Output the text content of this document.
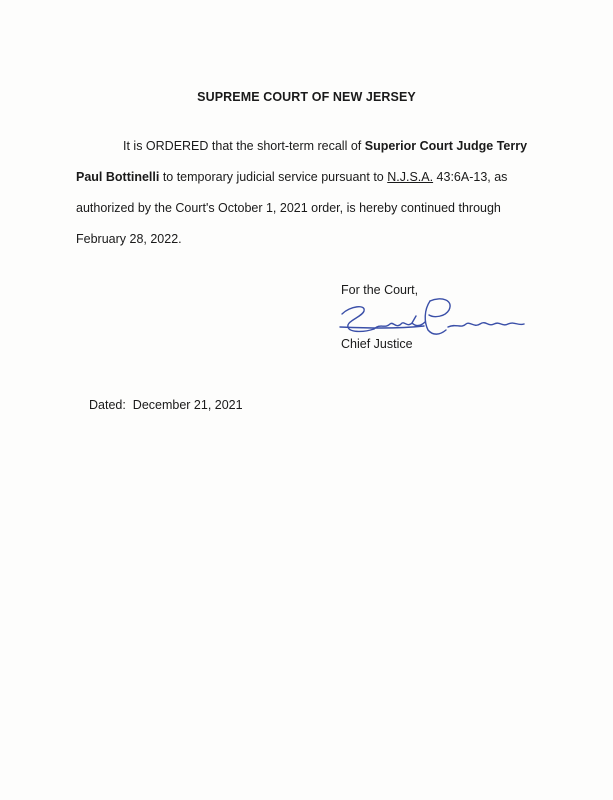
SUPREME COURT OF NEW JERSEY
It is ORDERED that the short-term recall of Superior Court Judge Terry
Paul Bottinelli to temporary judicial service pursuant to N.J.S.A. 43:6A-13, as
authorized by the Court's October 1, 2021 order, is hereby continued through
February 28, 2022.
For the Court,
Chief Justice
Dated: December 21, 2021
